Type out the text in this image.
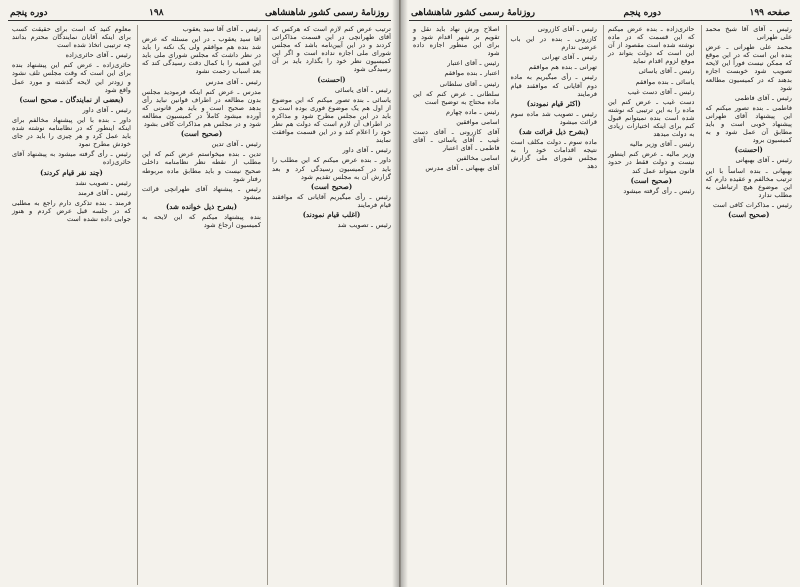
روزنامهٔ رسمی کشور شاهنشاهی
۱۹۸
دوره پنجم

ترتیب عرض کنم لازم است که هرکس که آقای طهرانچی در این قسمت مذاکراتی کردند و در این آیین‌نامه باشد که مجلس شورای ملی اجازه نداده است و اگر این کمیسیون نظر خود را بگذارد باید بر آن رسیدگی شود

(احسنت)

رئیس ـ آقای یاسائی

یاسائی ـ بنده تصور میکنم که این موضوع از اول هم یک موضوع فوری بوده است و باید در این مجلس مطرح شود و مذاکره در اطراف آن لازم است که دولت هم نظر خود را اعلام کند و در این قسمت موافقت نمایند

رئیس ـ آقای داور

داور ـ بنده عرض میکنم که این مطلب را باید در کمیسیون رسیدگی کرد و بعد گزارش آن به مجلس تقدیم شود

(صحیح است)

رئیس ـ رأی میگیریم آقایانی که موافقند قیام فرمایند

(اغلب قیام نمودند)

رئیس ـ تصویب شد

رئیس ـ آقای آقا سید یعقوب

آقا سید یعقوب ـ در این مسئله که عرض شد بنده هم موافقم ولی یک نکته را باید در نظر داشت که مجلس شورای ملی باید این قضیه را با کمال دقت رسیدگی کند که بعد اسباب زحمت نشود

رئیس ـ آقای مدرس

مدرس ـ عرض کنم اینکه فرمودید مجلس بدون مطالعه در اطراف قوانین نباید رأی بدهد صحیح است و باید هر قانونی که آورده میشود کاملاً در کمیسیون مطالعه شود و در مجلس هم مذاکرات کافی بشود

(صحیح است)

رئیس ـ آقای تدین

تدین ـ بنده میخواستم عرض کنم که این مطلب از نقطه نظر نظامنامه داخلی صحیح نیست و باید مطابق ماده مربوطه رفتار شود

رئیس ـ پیشنهاد آقای طهرانچی قرائت میشود

(بشرح ذیل خوانده شد)

بنده پیشنهاد میکنم که این لایحه به کمیسیون ارجاع شود

معلوم کنید که است برای حقیقت کسب برای اینکه آقایان نمایندگان محترم بدانند چه ترتیبی اتخاذ شده است

رئیس ـ آقای حائری‌زاده

حائری‌زاده ـ عرض کنم این پیشنهاد بنده برای این است که وقت مجلس تلف نشود و زودتر این لایحه گذشته و مورد عمل واقع شود

(بعضی از نمایندگان ـ صحیح است)

رئیس ـ آقای داور

داور ـ بنده با این پیشنهاد مخالفم برای اینکه اینطور که در نظامنامه نوشته شده باید عمل کرد و هر چیزی را باید در جای خودش مطرح نمود

رئیس ـ رأی گرفته میشود به پیشنهاد آقای حائری‌زاده

(چند نفر قیام کردند)

رئیس ـ تصویب نشد

رئیس ـ آقای فرمند

فرمند ـ بنده تذکری دارم راجع به مطلبی که در جلسه قبل عرض کردم و هنوز جوابی داده نشده است

صفحه ۱۹۹
دوره پنجم
روزنامهٔ رسمی کشور شاهنشاهی

رئیس ـ آقای آقا شیخ محمد علی طهرانی

محمد علی طهرانی ـ عرض بنده این است که در این موقع که ممکن نیست فوراً این لایحه تصویب شود خوبست اجازه بدهند که در کمیسیون مطالعه شود

رئیس ـ آقای فاطمی

فاطمی ـ بنده تصور میکنم که این پیشنهاد آقای طهرانی پیشنهاد خوبی است و باید مطابق آن عمل شود و به کمیسیون برود

(احسنت)

رئیس ـ آقای بهبهانی

بهبهانی ـ بنده اساساً با این ترتیب مخالفم و عقیده دارم که این موضوع هیچ ارتباطی به مطلب ندارد

رئیس ـ مذاکرات کافی است

(صحیح است)

حائری‌زاده ـ بنده عرض میکنم که این قسمت که در ماده نوشته شده است مقصود از آن این است که دولت بتواند در موقع لزوم اقدام نماید

رئیس ـ آقای یاسائی

یاسائی ـ بنده موافقم

رئیس ـ آقای دست غیب

دست غیب ـ عرض کنم این ماده را به این ترتیبی که نوشته شده است بنده نمیتوانم قبول کنم برای اینکه اختیارات زیادی به دولت میدهد

رئیس ـ آقای وزیر مالیه

وزیر مالیه ـ عرض کنم اینطور نیست و دولت فقط در حدود قانون میتواند عمل کند

(صحیح است)

رئیس ـ رأی گرفته میشود

رئیس ـ آقای کازرونی

کازرونی ـ بنده در این باب عرضی ندارم

رئیس ـ آقای تهرانی

تهرانی ـ بنده هم موافقم

رئیس ـ رأی میگیریم به ماده دوم آقایانی که موافقند قیام فرمایند

(اکثر قیام نمودند)

رئیس ـ تصویب شد ماده سوم قرائت میشود

(بشرح ذیل قرائت شد)

ماده سوم ـ دولت مکلف است نتیجه اقدامات خود را به مجلس شورای ملی گزارش دهد

اصلاح ورش نهاد باید نقل و تقویم بر شهر اقدام شود و برای این منظور اجازه داده شود

رئیس ـ آقای اعتبار

اعتبار ـ بنده موافقم

رئیس ـ آقای سلطانی

سلطانی ـ عرض کنم که این ماده محتاج به توضیح است

رئیس ـ ماده چهارم

اسامی موافقین

آقای کازرونی ـ آقای دست غیب ـ آقای یاسائی ـ آقای فاطمی ـ آقای اعتبار

اسامی مخالفین

آقای بهبهانی ـ آقای مدرس
